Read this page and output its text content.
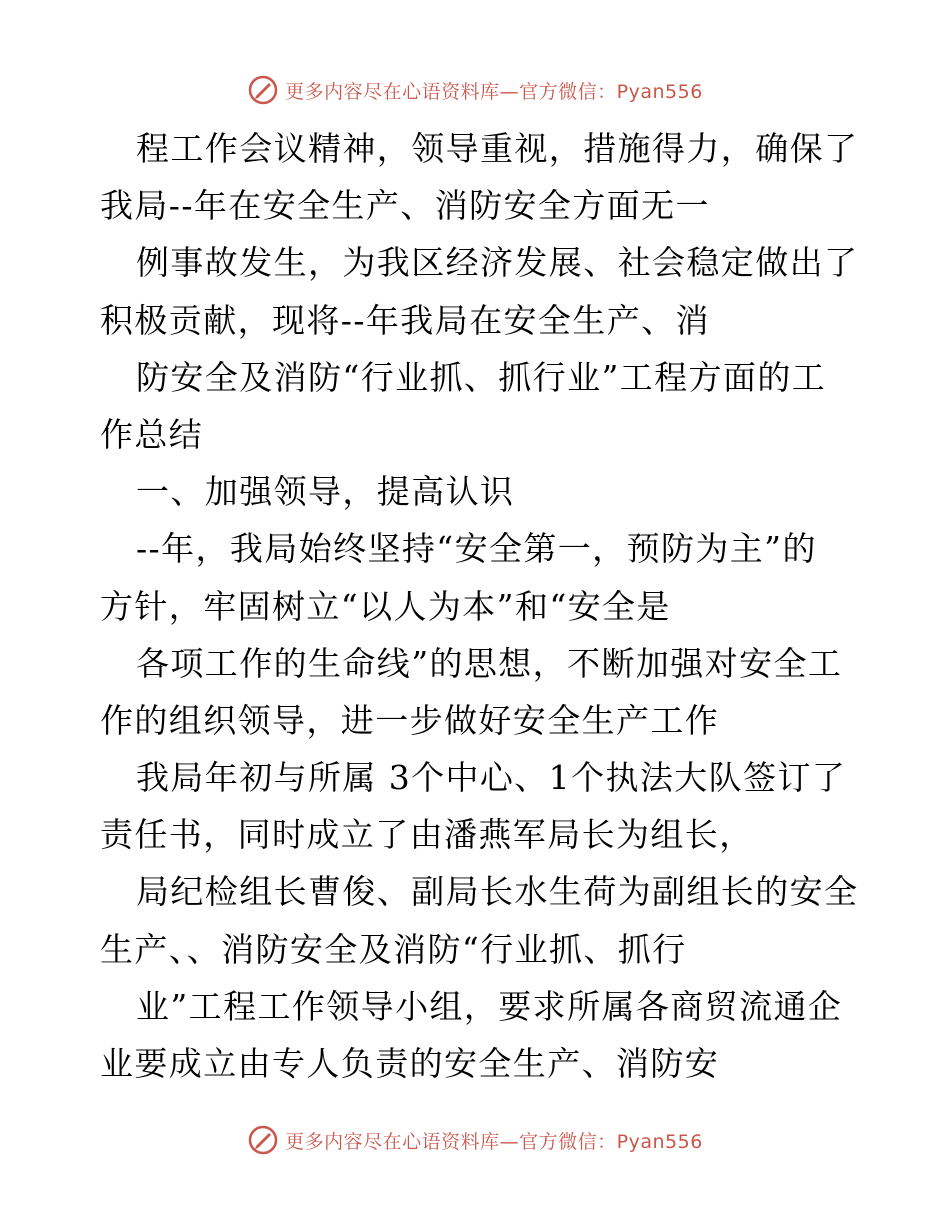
更多内容尽在心语资料库—官方微信：Pyan556
程工作会议精神，领导重视，措施得力，确保了
我局--年在安全生产、消防安全方面无一
例事故发生，为我区经济发展、社会稳定做出了
积极贡献，现将--年我局在安全生产、消
防安全及消防“行业抓、抓行业”工程方面的工
作总结
一、加强领导，提高认识
--年，我局始终坚持“安全第一，预防为主”的
方针，牢固树立“以人为本”和“安全是
各项工作的生命线”的思想，不断加强对安全工
作的组织领导，进一步做好安全生产工作
我局年初与所属 3个中心、1个执法大队签订了
责任书，同时成立了由潘燕军局长为组长，
局纪检组长曹俊、副局长水生荷为副组长的安全
生产、、消防安全及消防“行业抓、抓行
业”工程工作领导小组，要求所属各商贸流通企
业要成立由专人负责的安全生产、消防安
更多内容尽在心语资料库—官方微信：Pyan556
